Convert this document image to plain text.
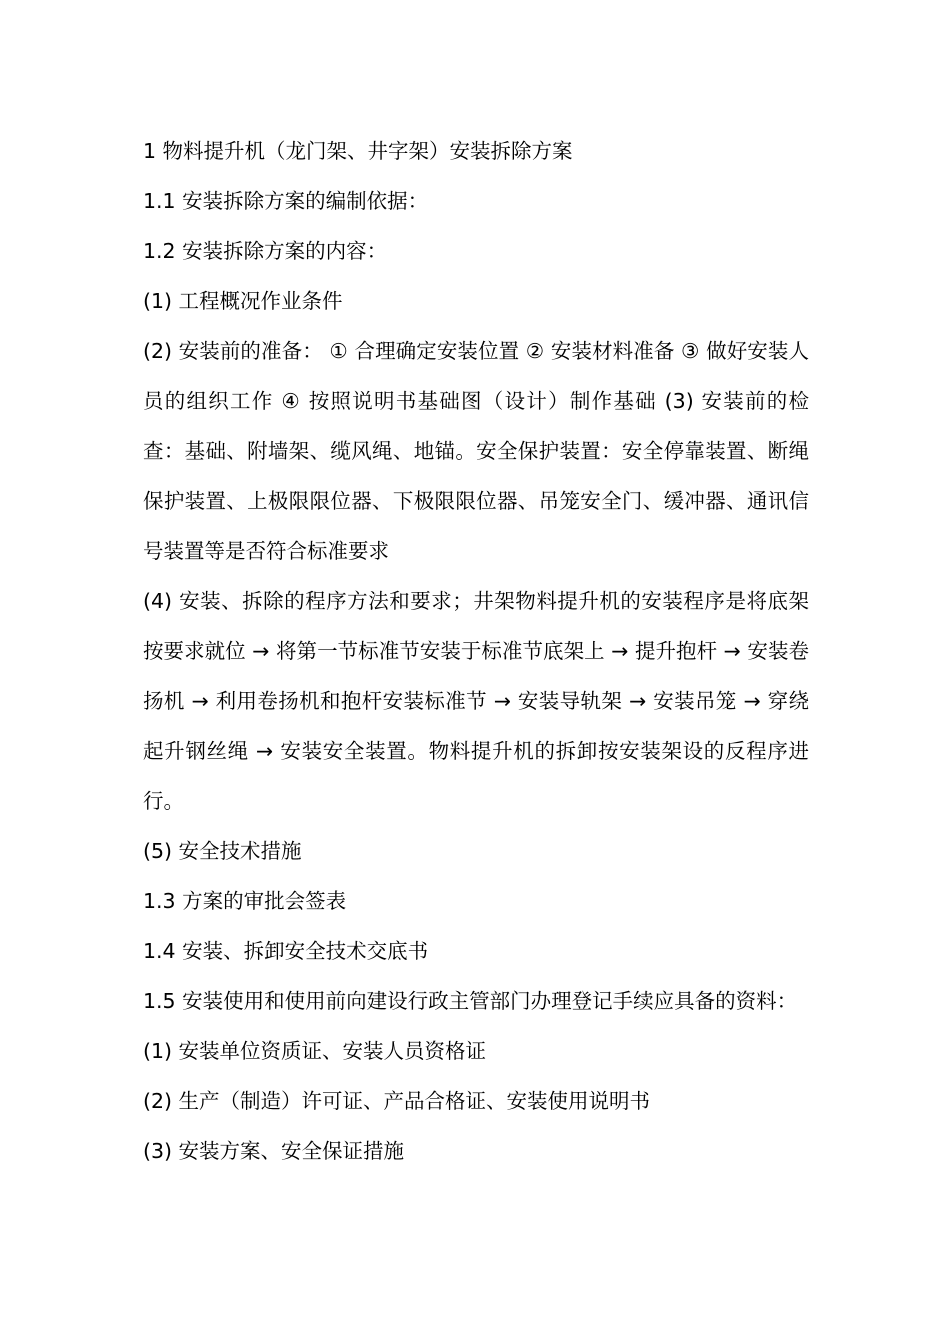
1 物料提升机（龙门架、井字架）安装拆除方案

1.1 安装拆除方案的编制依据：

1.2 安装拆除方案的内容：

(1) 工程概况作业条件

(2) 安装前的准备： ① 合理确定安装位置 ② 安装材料准备 ③ 做好安装人员的组织工作 ④ 按照说明书基础图（设计）制作基础 (3) 安装前的检查：基础、附墙架、缆风绳、地锚。安全保护装置：安全停靠装置、断绳保护装置、上极限限位器、下极限限位器、吊笼安全门、缓冲器、通讯信号装置等是否符合标准要求

(4) 安装、拆除的程序方法和要求；井架物料提升机的安装程序是将底架按要求就位 → 将第一节标准节安装于标准节底架上 → 提升抱杆 → 安装卷扬机 → 利用卷扬机和抱杆安装标准节 → 安装导轨架 → 安装吊笼 → 穿绕起升钢丝绳 → 安装安全装置。物料提升机的拆卸按安装架设的反程序进行。

(5) 安全技术措施

1.3 方案的审批会签表

1.4 安装、拆卸安全技术交底书

1.5 安装使用和使用前向建设行政主管部门办理登记手续应具备的资料：

(1) 安装单位资质证、安装人员资格证

(2) 生产（制造）许可证、产品合格证、安装使用说明书

(3) 安装方案、安全保证措施
